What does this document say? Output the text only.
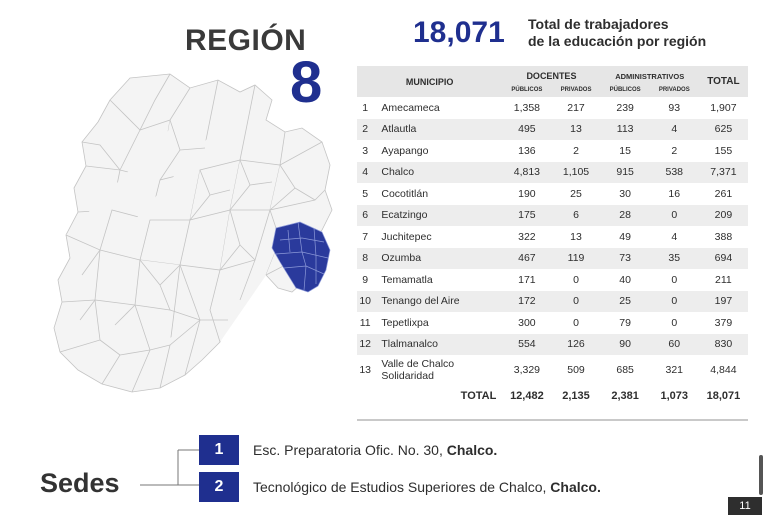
REGIÓN
8
18,071 Total de trabajadores
de la educación por región
MUNICIPIO		DOCENTES		ADMINISTRATIVOS		TOTAL
		PÚBLICOS	PRIVADOS	PÚBLICOS	PRIVADOS	
1	Amecameca	1,358	217	239	93	1,907
2	Atlautla	495	13	113	4	625
3	Ayapango	136	2	15	2	155
4	Chalco	4,813	1,105	915	538	7,371
5	Cocotitlán	190	25	30	16	261
6	Ecatzingo	175	6	28	0	209
7	Juchitepec	322	13	49	4	388
8	Ozumba	467	119	73	35	694
9	Temamatla	171	0	40	0	211
10	Tenango del Aire	172	0	25	0	197
11	Tepetlixpa	300	0	79	0	379
12	Tlalmanalco	554	126	90	60	830
13	Valle de Chalco
Solidaridad	3,329	509	685	321	4,844
TOTAL		12,482	2,135	2,381	1,073	18,071
Sedes
1	Esc. Preparatoria Ofic. No. 30, Chalco.
2	Tecnológico de Estudios Superiores de Chalco, Chalco.
11
